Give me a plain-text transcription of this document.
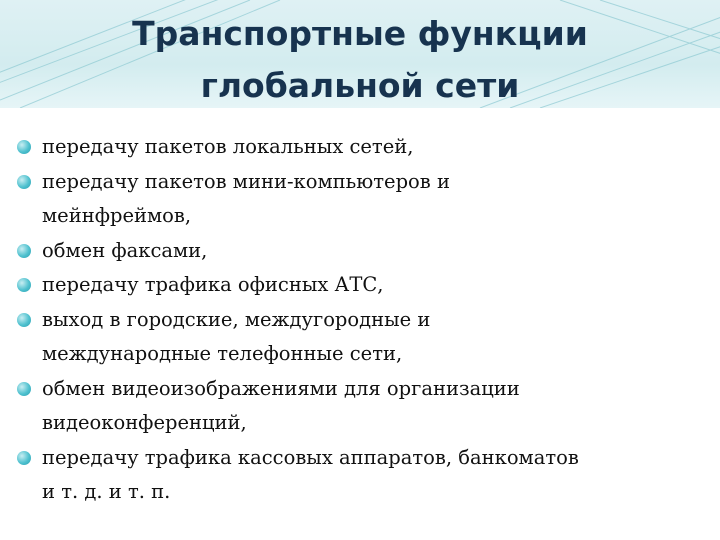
Транспортные функции
глобальной сети
передачу пакетов локальных сетей,
передачу пакетов мини-компьютеров и
мейнфреймов,
обмен факсами,
передачу трафика офисных АТС,
выход в городские, междугородные и
международные телефонные сети,
обмен видеоизображениями для организации
видеоконференций,
передачу трафика кассовых аппаратов, банкоматов
и т. д. и т. п.
